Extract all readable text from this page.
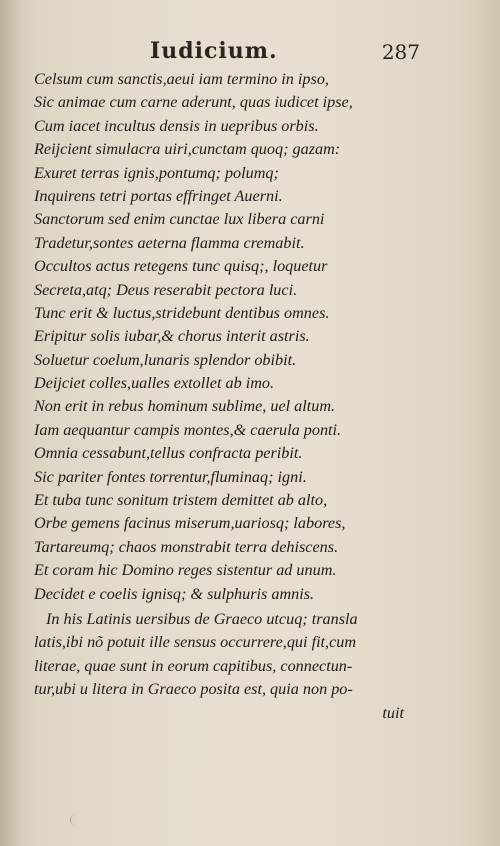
Iudicium.	287
Celsum cum sanctis,aeui iam termino in ipso,
Sic animae cum carne aderunt, quas iudicet ipse,
Cum iacet incultus densis in uepribus orbis.
Reijcient simulacra uiri,cunctam quoq; gazam:
Exuret terras ignis,pontumq; polumq;
Inquirens tetri portas effringet Auerni.
Sanctorum sed enim cunctae lux libera carni
Tradetur,sontes aeterna flamma cremabit.
Occultos actus retegens tunc quisq;, loquetur
Secreta,atq; Deus reserabit pectora luci.
Tunc erit & luctus,stridebunt dentibus omnes.
Eripitur solis iubar,& chorus interit astris.
Soluetur coelum,lunaris splendor obibit.
Deijciet colles,ualles extollet ab imo.
Non erit in rebus hominum sublime, uel altum.
Iam aequantur campis montes,& caerula ponti.
Omnia cessabunt,tellus confracta peribit.
Sic pariter fontes torrentur,fluminaq; igni.
Et tuba tunc sonitum tristem demittet ab alto,
Orbe gemens facinus miserum,uariosq; labores,
Tartareumq; chaos monstrabit terra dehiscens.
Et coram hic Domino reges sistentur ad unum.
Decidet e coelis ignisq; & sulphuris amnis.
In his Latinis uersibus de Graeco utcuq; transla
latis,ibi nõ potuit ille sensus occurrere,qui fit,cum
literae, quae sunt in eorum capitibus, connectun-
tur,ubi u litera in Graeco posita est, quia non po-
tuit
